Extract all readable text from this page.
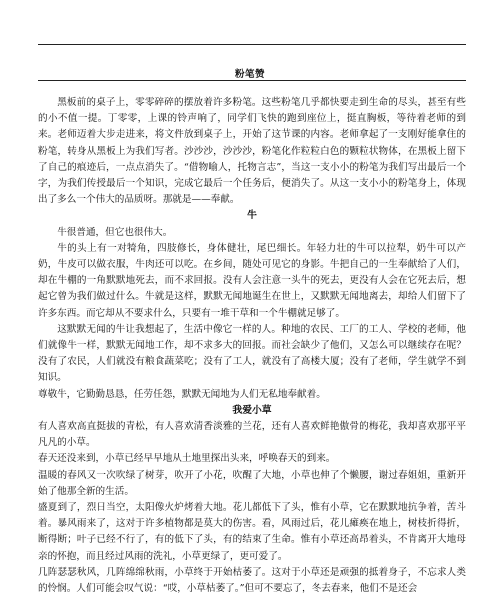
粉笔赞

黑板前的桌子上，零零碎碎的摆放着许多粉笔。这些粉笔几乎都快要走到生命的尽头，甚至有些的小不值一提。丁零零，上课的铃声响了，同学们飞快的跑到座位上，挺直胸板，等待着老师的到来。老师迈着大步走进来，将文件放到桌子上，开始了这节课的内容。老师拿起了一支刚好能拿住的粉笔，转身从黑板上为我们写者。沙沙沙，沙沙沙，粉笔化作粒粒白色的颗粒状物体，在黑板上留下了自己的痕迹后，一点点消失了。“借物喻人，托物言志”，当这一支小小的粉笔为我们写出最后一个字，为我们传授最后一个知识，完成它最后一个任务后，便消失了。从这一支小小的粉笔身上，体现出了多么一个伟大的品质呀。那就是——奉献。

牛

牛很普通，但它也很伟大。

牛的头上有一对犄角，四肢修长，身体健壮，尾巴细长。年轻力壮的牛可以拉犁，奶牛可以产奶，牛皮可以做衣服，牛肉还可以吃。在乡间，随处可见它的身影。牛把自己的一生奉献给了人们，却在牛棚的一角默默地死去，而不求回报。没有人会注意一头牛的死去，更没有人会在它死去后，想起它曾为我们做过什么。牛就是这样，默默无闻地诞生在世上，又默默无闻地离去，却给人们留下了许多东西。而它却从不要求什么，只要有一堆干草和一个牛棚就足够了。

这默默无闻的牛让我想起了，生活中像它一样的人。种地的农民、工厂的工人、学校的老师，他们就像牛一样，默默无闻地工作，却不求多大的回报。而社会缺少了他们，又怎么可以继续存在呢？没有了农民，人们就没有粮食蔬菜吃；没有了工人，就没有了高楼大厦；没有了老师，学生就学不到知识。

尊敬牛，它勤勤恳恳，任劳任怨，默默无闻地为人们无私地奉献着。

我爱小草

有人喜欢高直挺拔的青松，有人喜欢清香淡雅的兰花，还有人喜欢鲜艳傲骨的梅花，我却喜欢那平平凡凡的小草。

春天还没来到，小草已经早早地从土地里探出头来，呼唤春天的到来。

温暖的春风又一次吹绿了树芽，吹开了小花，吹醒了大地，小草也伸了个懒腰，谢过春姐姐，重新开始了他那全新的生活。

盛夏到了，烈日当空，太阳像火炉烤着大地。花儿都低下了头，惟有小草，它在默默地抗争着，苦斗着。暴风雨来了，这对于许多植物都是莫大的伤害。看，风雨过后，花儿瘫痪在地上，树枝折得折，断得断；叶子已经不行了，有的低下了头，有的结束了生命。惟有小草还高昂着头，不肯离开大地母亲的怀抱，而且经过风雨的洗礼，小草更绿了，更可爱了。

几阵瑟瑟秋风，几阵绵绵秋雨，小草终于开始枯萎了。这对于小草还是顽强的抵着身子，不忘求人类的怜悯。人们可能会叹气说：“哎，小草枯萎了。”但可不要忘了，冬去春来，他们不是还会
